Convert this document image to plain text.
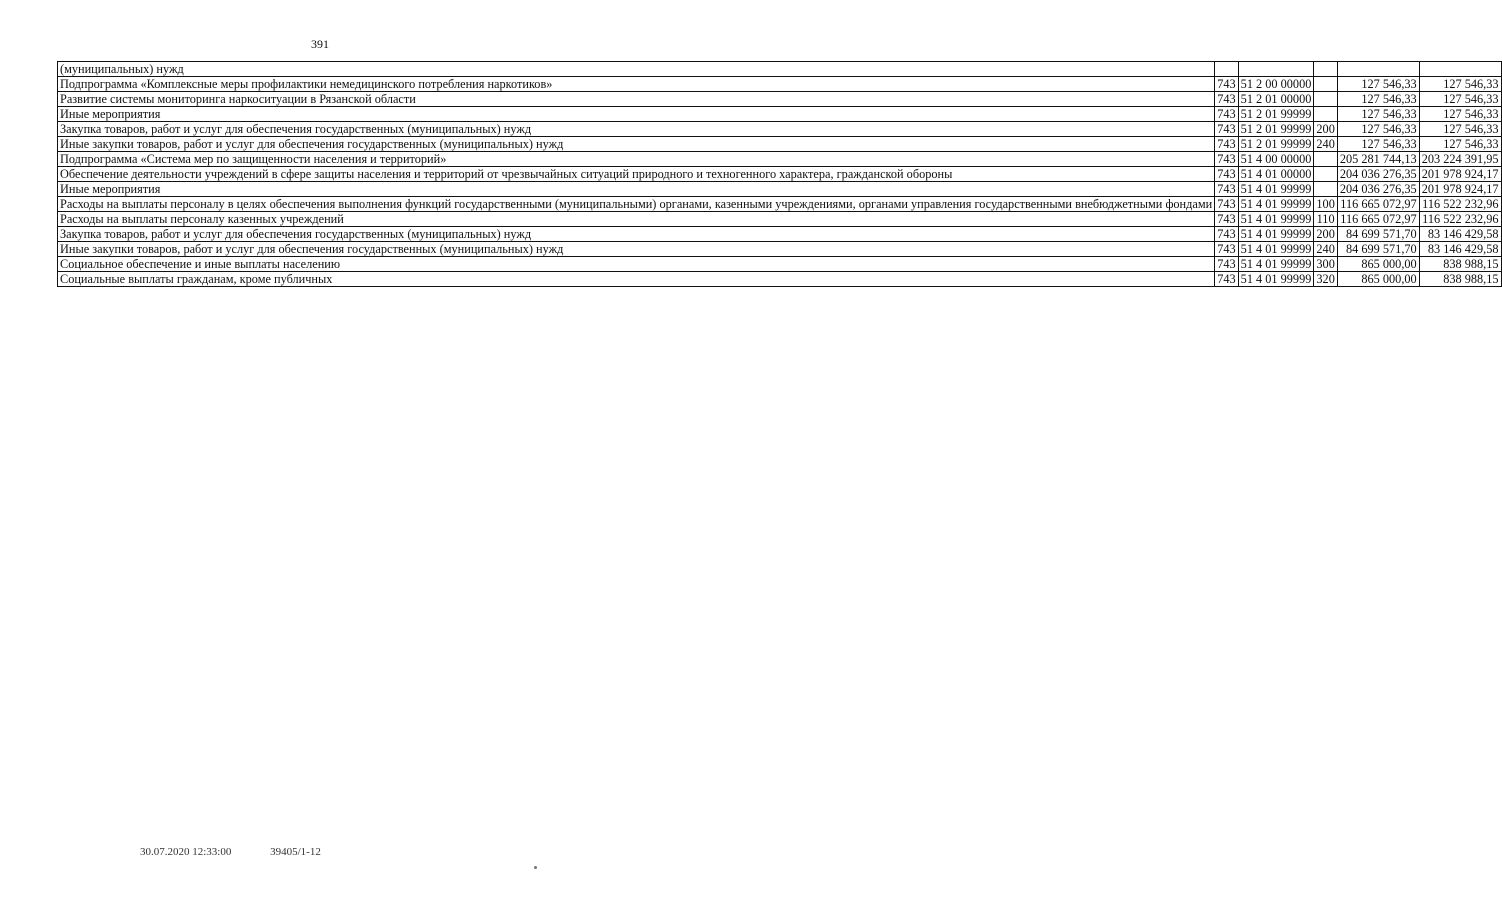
391
(муниципальных) нужд					
Подпрограмма «Комплексные меры профилактики немедицинского потребления наркотиков»	743	51 2 00 00000		127 546,33	127 546,33
Развитие системы мониторинга наркоситуации в Рязанской области	743	51 2 01 00000		127 546,33	127 546,33
Иные мероприятия	743	51 2 01 99999		127 546,33	127 546,33
Закупка товаров, работ и услуг для обеспечения государственных (муниципальных) нужд	743	51 2 01 99999	200	127 546,33	127 546,33
Иные закупки товаров, работ и услуг для обеспечения государственных (муниципальных) нужд	743	51 2 01 99999	240	127 546,33	127 546,33
Подпрограмма «Система мер по защищенности населения и территорий»	743	51 4 00 00000		205 281 744,13	203 224 391,95
Обеспечение деятельности учреждений в сфере защиты населения и территорий от чрезвычайных ситуаций природного и техногенного характера, гражданской обороны	743	51 4 01 00000		204 036 276,35	201 978 924,17
Иные мероприятия	743	51 4 01 99999		204 036 276,35	201 978 924,17
Расходы на выплаты персоналу в целях обеспечения выполнения функций государственными (муниципальными) органами, казенными учреждениями, органами управления государственными внебюджетными фондами	743	51 4 01 99999	100	116 665 072,97	116 522 232,96
Расходы на выплаты персоналу казенных учреждений	743	51 4 01 99999	110	116 665 072,97	116 522 232,96
Закупка товаров, работ и услуг для обеспечения государственных (муниципальных) нужд	743	51 4 01 99999	200	84 699 571,70	83 146 429,58
Иные закупки товаров, работ и услуг для обеспечения государственных (муниципальных) нужд	743	51 4 01 99999	240	84 699 571,70	83 146 429,58
Социальное обеспечение и иные выплаты населению	743	51 4 01 99999	300	865 000,00	838 988,15
Социальные выплаты гражданам, кроме публичных	743	51 4 01 99999	320	865 000,00	838 988,15
30.07.2020 12:33:00	39405/1-12
